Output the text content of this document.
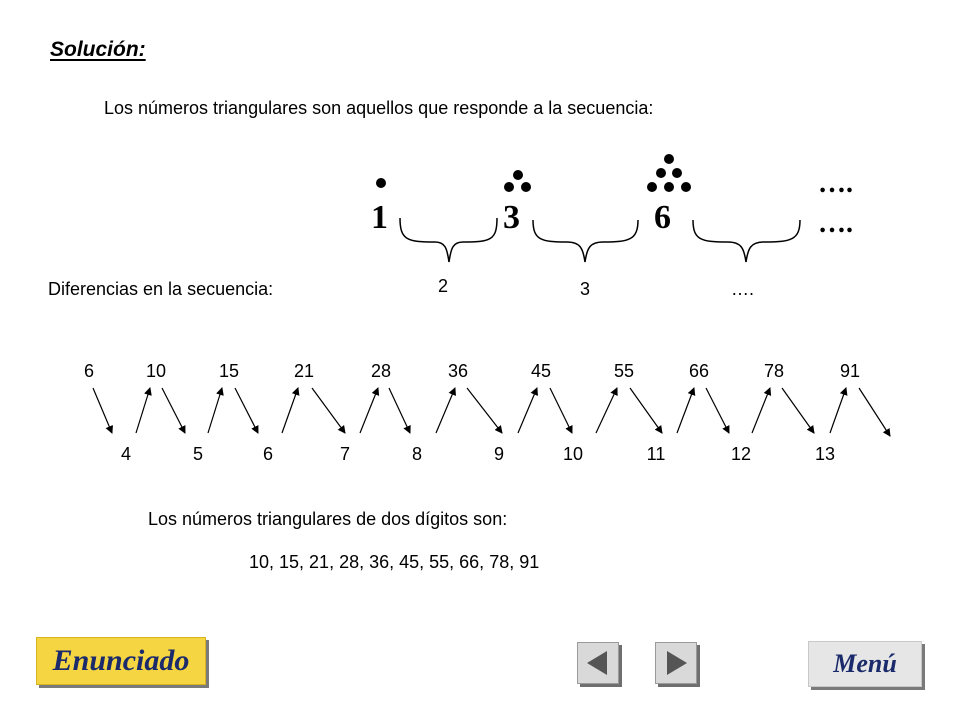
Solución:
Los números triangulares son aquellos que responde a la secuencia:
1	3	6
….
….
Diferencias en la secuencia:	2	3	….
6	10	15	21	28	36	45	55	66	78	91
4	5	6	7	8	9	10	11	12	13
Los números triangulares de dos dígitos son:
10, 15, 21, 28, 36, 45, 55, 66, 78, 91
Enunciado	Menú
